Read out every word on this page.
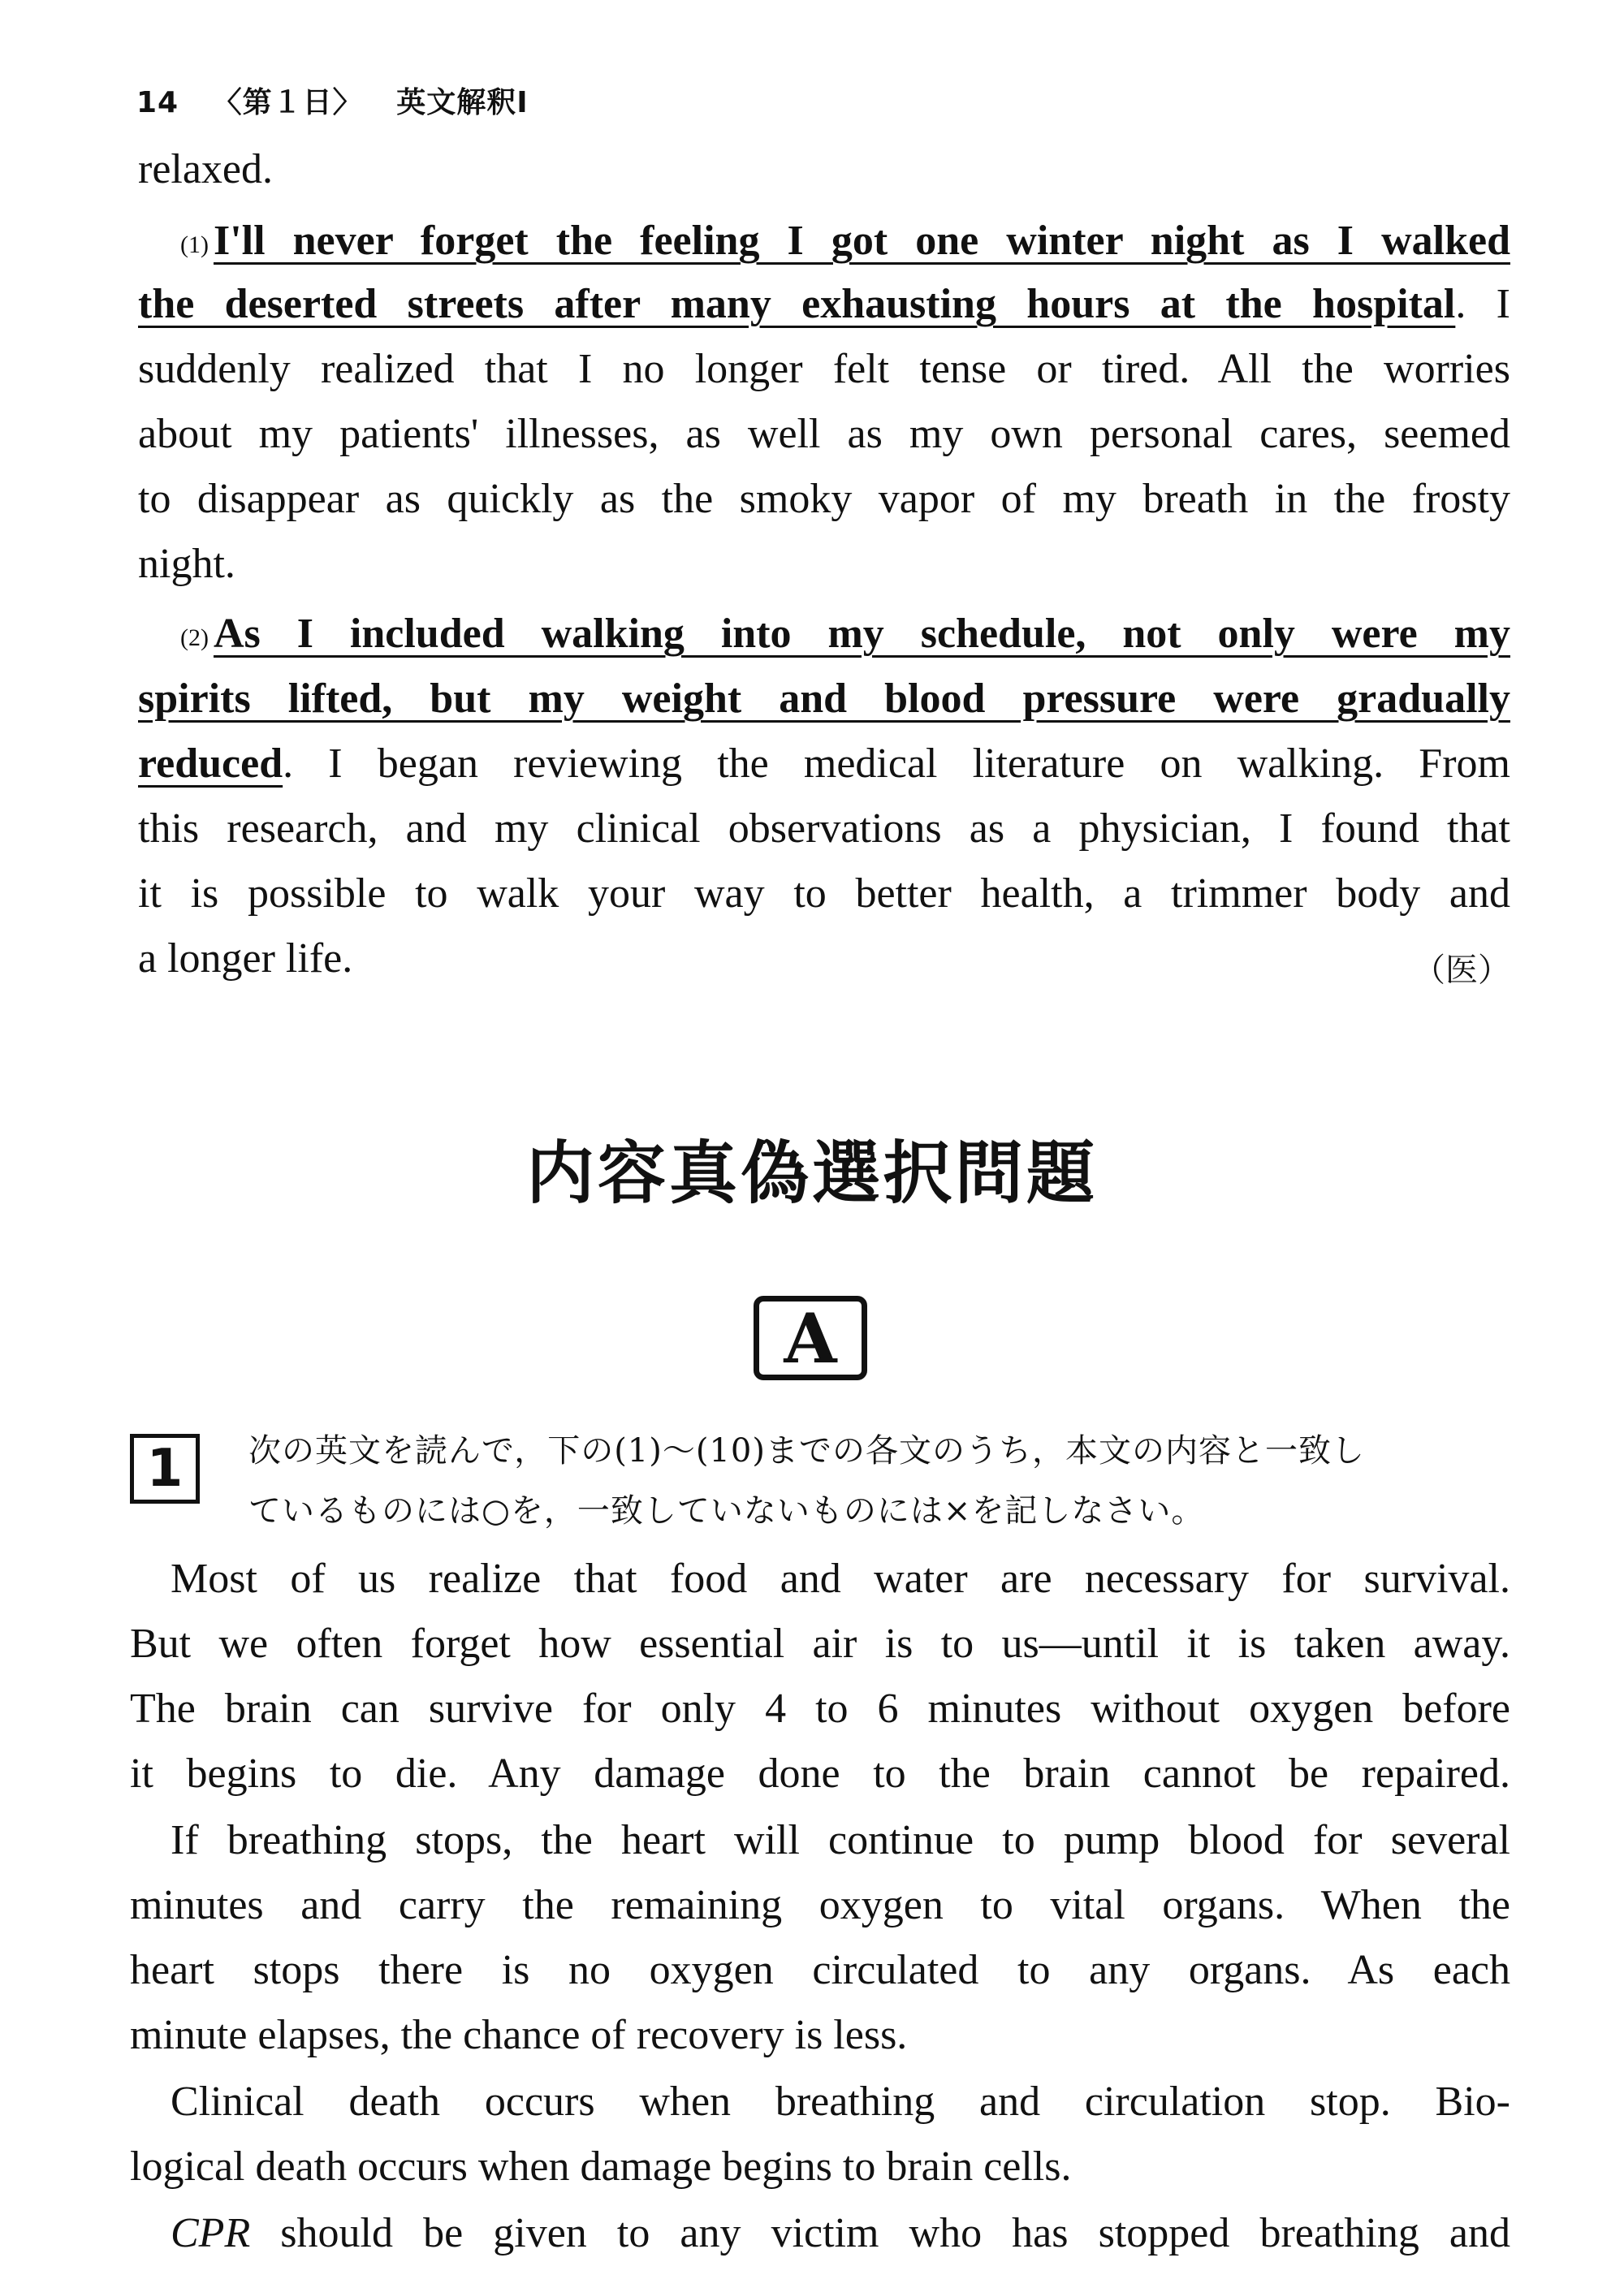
14 〈第１日〉 英文解釈Ⅰ
relaxed.
(1) I'll never forget the feeling I got one winter night as I walked
the deserted streets after many exhausting hours at the hospital. I
suddenly realized that I no longer felt tense or tired. All the worries
about my patients' illnesses, as well as my own personal cares, seemed
to disappear as quickly as the smoky vapor of my breath in the frosty
night.
(2) As I included walking into my schedule, not only were my
spirits lifted, but my weight and blood pressure were gradually
reduced. I began reviewing the medical literature on walking. From
this research, and my clinical observations as a physician, I found that
it is possible to walk your way to better health, a trimmer body and
a longer life.	（医）
内容真偽選択問題
A
1 次の英文を読んで，下の(1)〜(10)までの各文のうち，本文の内容と一致し
ているものには○を，一致していないものには×を記しなさい。
Most of us realize that food and water are necessary for survival.
But we often forget how essential air is to us—until it is taken away.
The brain can survive for only 4 to 6 minutes without oxygen before
it begins to die. Any damage done to the brain cannot be repaired.
If breathing stops, the heart will continue to pump blood for several
minutes and carry the remaining oxygen to vital organs. When the
heart stops there is no oxygen circulated to any organs. As each
minute elapses, the chance of recovery is less.
Clinical death occurs when breathing and circulation stop. Bio-
logical death occurs when damage begins to brain cells.
CPR should be given to any victim who has stopped breathing and
